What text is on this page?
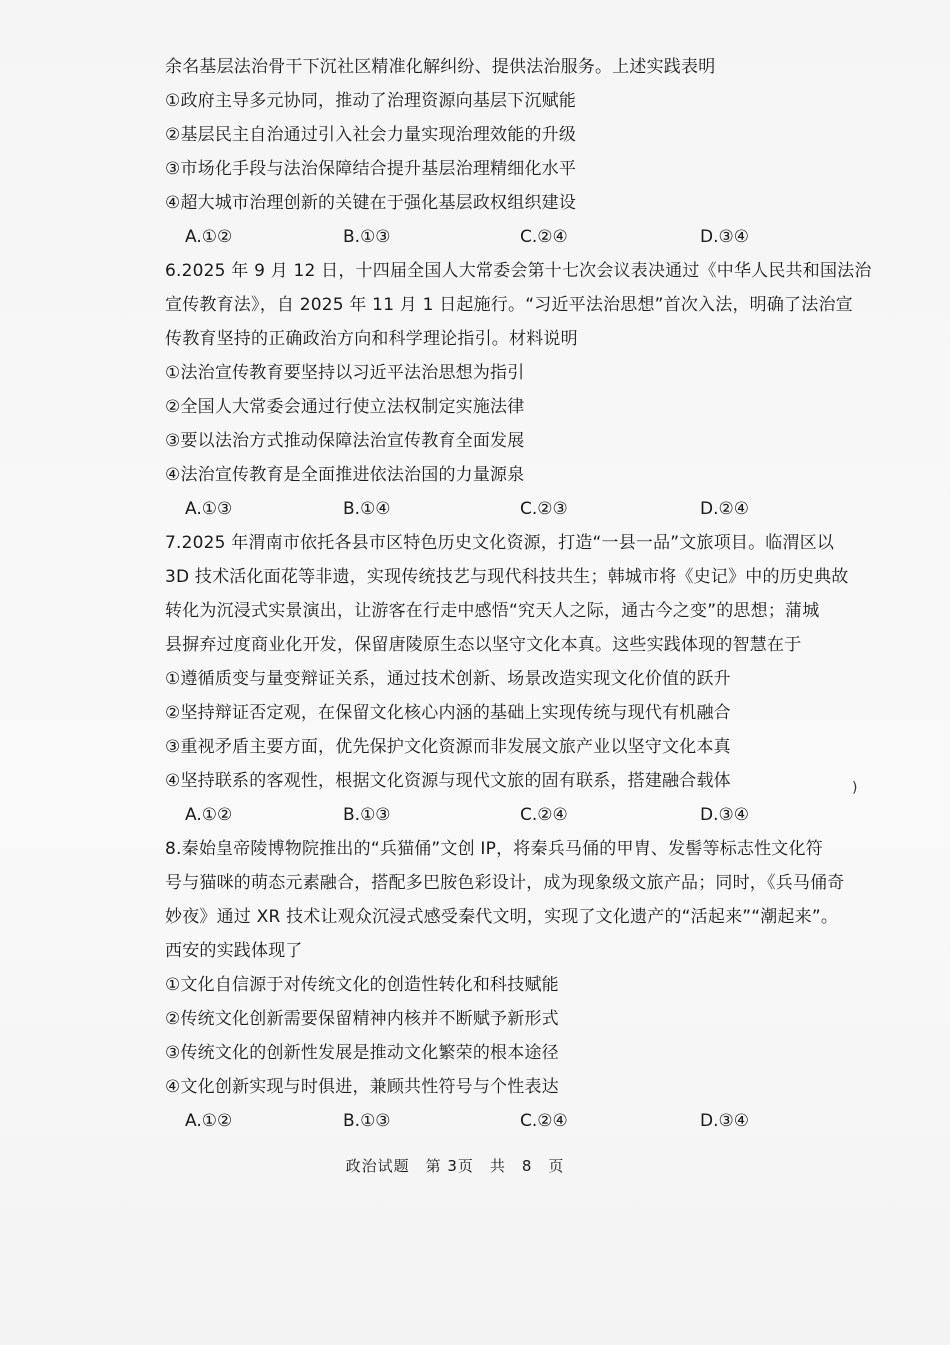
余名基层法治骨干下沉社区精准化解纠纷、提供法治服务。上述实践表明
①政府主导多元协同，推动了治理资源向基层下沉赋能
②基层民主自治通过引入社会力量实现治理效能的升级
③市场化手段与法治保障结合提升基层治理精细化水平
④超大城市治理创新的关键在于强化基层政权组织建设
A.①②	B.①③	C.②④	D.③④
6.2025 年 9 月 12 日，十四届全国人大常委会第十七次会议表决通过《中华人民共和国法治
宣传教育法》，自 2025 年 11 月 1 日起施行。“习近平法治思想”首次入法，明确了法治宣
传教育坚持的正确政治方向和科学理论指引。材料说明
①法治宣传教育要坚持以习近平法治思想为指引
②全国人大常委会通过行使立法权制定实施法律
③要以法治方式推动保障法治宣传教育全面发展
④法治宣传教育是全面推进依法治国的力量源泉
A.①③	B.①④	C.②③	D.②④
7.2025 年渭南市依托各县市区特色历史文化资源，打造“一县一品”文旅项目。临渭区以
3D 技术活化面花等非遗，实现传统技艺与现代科技共生；韩城市将《史记》中的历史典故
转化为沉浸式实景演出，让游客在行走中感悟“究天人之际，通古今之变”的思想；蒲城
县摒弃过度商业化开发，保留唐陵原生态以坚守文化本真。这些实践体现的智慧在于
①遵循质变与量变辩证关系，通过技术创新、场景改造实现文化价值的跃升
②坚持辩证否定观，在保留文化核心内涵的基础上实现传统与现代有机融合
③重视矛盾主要方面，优先保护文化资源而非发展文旅产业以坚守文化本真
④坚持联系的客观性，根据文化资源与现代文旅的固有联系，搭建融合载体
A.①②	B.①③	C.②④	D.③④
8.秦始皇帝陵博物院推出的“兵猫俑”文创 IP，将秦兵马俑的甲胄、发髻等标志性文化符
号与猫咪的萌态元素融合，搭配多巴胺色彩设计，成为现象级文旅产品；同时，《兵马俑奇
妙夜》通过 XR 技术让观众沉浸式感受秦代文明，实现了文化遗产的“活起来”“潮起来”。
西安的实践体现了
①文化自信源于对传统文化的创造性转化和科技赋能
②传统文化创新需要保留精神内核并不断赋予新形式
③传统文化的创新性发展是推动文化繁荣的根本途径
④文化创新实现与时俱进，兼顾共性符号与个性表达
A.①②	B.①③	C.②④	D.③④
)
政治试题　第 3页　共　8　页
